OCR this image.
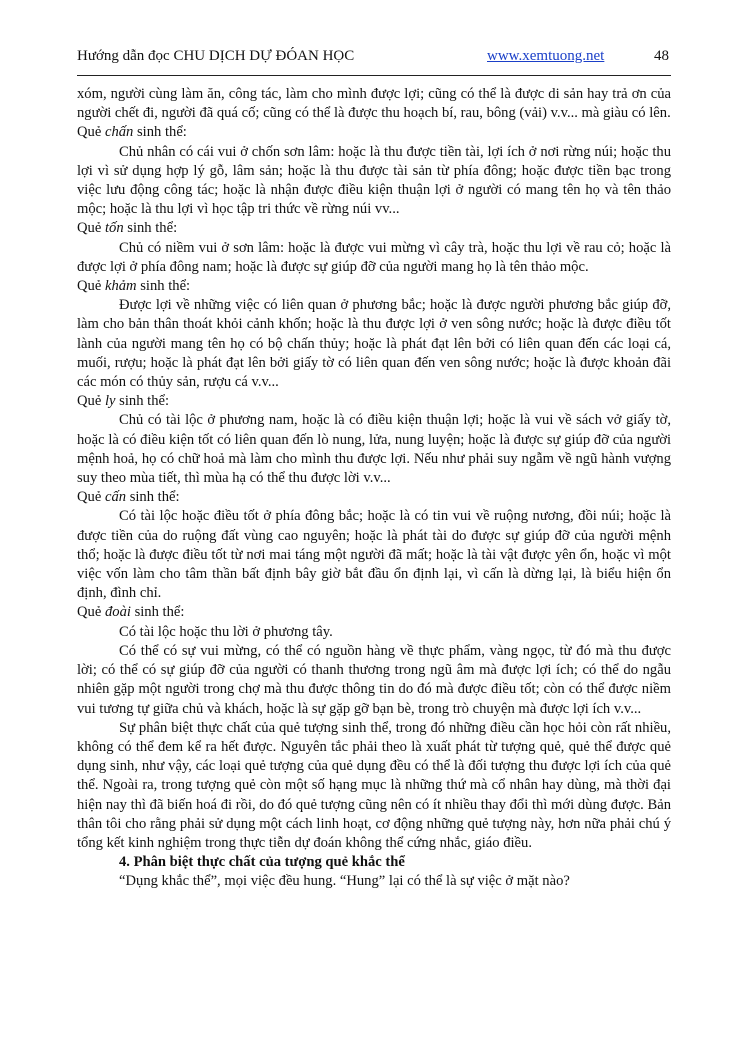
Hướng dẫn đọc CHU DỊCH DỰ ĐÓAN HỌC	www.xemtuong.net	48

xóm, người cùng làm ăn, công tác, làm cho mình được lợi; cũng có thể là được di sản hay trả ơn của người chết đi, người đã quá cố; cũng có thể là được thu hoạch bí, rau, bông (vải) v.v... mà giàu có lên.

Quẻ chấn sinh thể:

Chủ nhân có cái vui ở chốn sơn lâm: hoặc là thu được tiền tài, lợi ích ở nơi rừng núi; hoặc thu lợi vì sử dụng hợp lý gỗ, lâm sản; hoặc là thu được tài sản từ phía đông; hoặc được tiền bạc trong việc lưu động công tác; hoặc là nhận được điều kiện thuận lợi ở người có mang tên họ và tên thảo mộc; hoặc là thu lợi vì học tập tri thức về rừng núi vv...

Quẻ tốn sinh thể:

Chủ có niềm vui ở sơn lâm: hoặc là được vui mừng vì cây trà, hoặc thu lợi về rau cỏ; hoặc là được lợi ở phía đông nam; hoặc là được sự giúp đỡ của người mang họ là tên thảo mộc.

Quẻ khảm sinh thể:

Được lợi về những việc có liên quan ở phương bắc; hoặc là được người phương bắc giúp đỡ, làm cho bản thân thoát khỏi cảnh khốn; hoặc là thu được lợi ở ven sông nước; hoặc là được điều tốt lành của người mang tên họ có bộ chấn thủy; hoặc là phát đạt lên bởi có liên quan đến các loại cá, muối, rượu; hoặc là phát đạt lên bởi giấy tờ có liên quan đến ven sông nước; hoặc là được khoản đãi các món có thủy sản, rượu cá v.v...

Quẻ ly sinh thể:

Chủ có tài lộc ở phương nam, hoặc là có điều kiện thuận lợi; hoặc là vui về sách vở giấy tờ, hoặc là có điều kiện tốt có liên quan đến lò nung, lửa, nung luyện; hoặc là được sự giúp đỡ của người mệnh hoả, họ có chữ hoả mà làm cho mình thu được lợi. Nếu như phải suy ngẫm về ngũ hành vượng suy theo mùa tiết, thì mùa hạ có thể thu được lời v.v...

Quẻ cấn sinh thể:

Có tài lộc hoặc điều tốt ở phía đông bắc; hoặc là có tin vui về ruộng nương, đồi núi; hoặc là được tiền của do ruộng đất vùng cao nguyên; hoặc là phát tài do được sự giúp đỡ của người mệnh thổ; hoặc là được điều tốt từ nơi mai táng một người đã mất; hoặc là tài vật được yên ổn, hoặc vì một việc vốn làm cho tâm thần bất định bây giờ bắt đầu ổn định lại, vì cấn là dừng lại, là biểu hiện ổn định, đình chỉ.

Quẻ đoài sinh thể:

Có tài lộc hoặc thu lời ở phương tây.

Có thể có sự vui mừng, có thể có nguồn hàng về thực phẩm, vàng ngọc, từ đó mà thu được lời; có thể có sự giúp đỡ của người có thanh thương trong ngũ âm mà được lợi ích; có thể do ngẫu nhiên gặp một người trong chợ mà thu được thông tin do đó mà được điều tốt; còn có thể được niềm vui tương tự giữa chủ và khách, hoặc là sự gặp gỡ bạn bè, trong trò chuyện mà được lợi ích v.v...

Sự phân biệt thực chất của quẻ tượng sinh thể, trong đó những điều cần học hỏi còn rất nhiều, không có thể đem kể ra hết được. Nguyên tắc phải theo là xuất phát từ tượng quẻ, quẻ thể được quẻ dụng sinh, như vậy, các loại quẻ tượng của quẻ dụng đều có thể là đối tượng thu được lợi ích của quẻ thể. Ngoài ra, trong tượng quẻ còn một số hạng mục là những thứ mà cổ nhân hay dùng, mà thời đại hiện nay thì đã biến hoá đi rồi, do đó quẻ tượng cũng nên có ít nhiều thay đổi thì mới dùng được. Bản thân tôi cho rằng phải sử dụng một cách linh hoạt, cơ động những quẻ tượng này, hơn nữa phải chú ý tổng kết kinh nghiệm trong thực tiễn dự đoán không thể cứng nhắc, giáo điều.

4. Phân biệt thực chất của tượng quẻ khắc thể

“Dụng khắc thể”, mọi việc đều hung. “Hung” lại có thể là sự việc ở mặt nào?
